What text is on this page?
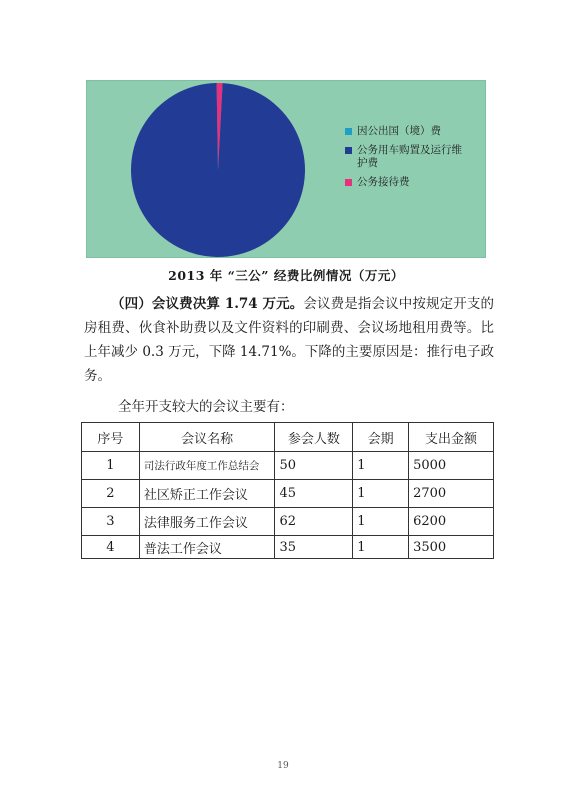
因公出国（境）费
公务用车购置及运行维护费
公务接待费
2013 年 “三公” 经费比例情况（万元）
（四）会议费决算 1.74 万元。会议费是指会议中按规定开支的房租费、伙食补助费以及文件资料的印刷费、会议场地租用费等。比上年减少 0.3 万元，下降 14.71%。下降的主要原因是：推行电子政务。
全年开支较大的会议主要有：
序号	会议名称	参会人数	会期	支出金额
1	司法行政年度工作总结会	50	1	5000
2	社区矫正工作会议	45	1	2700
3	法律服务工作会议	62	1	6200
4	普法工作会议	35	1	3500
19
